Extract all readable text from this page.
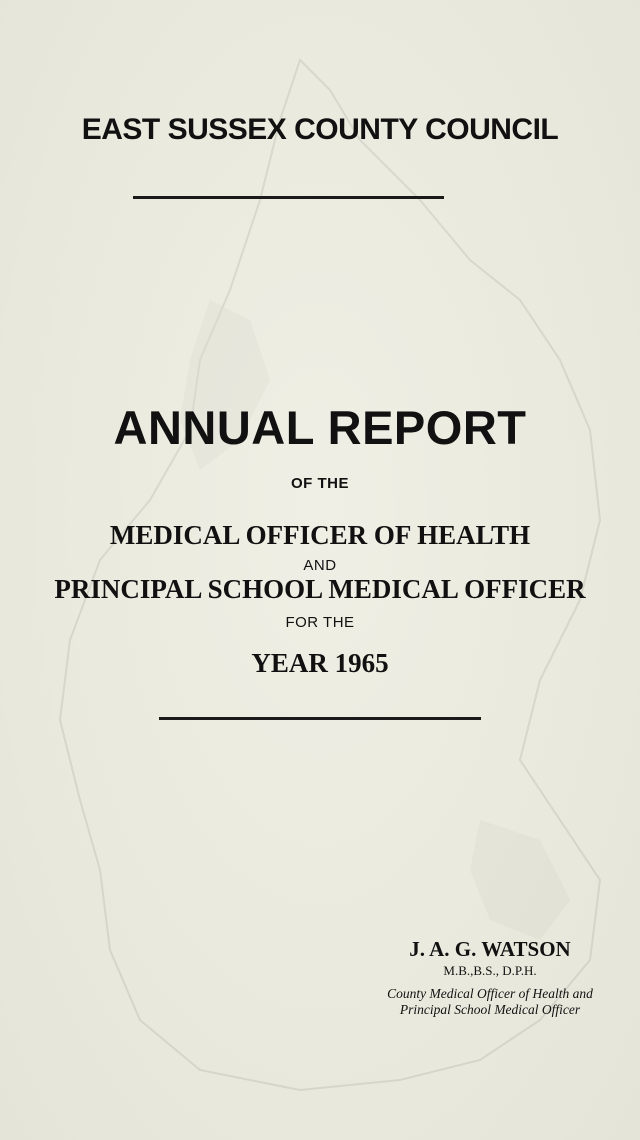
EAST SUSSEX COUNTY COUNCIL
ANNUAL REPORT

OF THE

MEDICAL OFFICER OF HEALTH

AND

PRINCIPAL SCHOOL MEDICAL OFFICER

FOR THE

YEAR 1965

J. A. G. WATSON

M.B.,B.S., D.P.H.

County Medical Officer of Health and

Principal School Medical Officer
